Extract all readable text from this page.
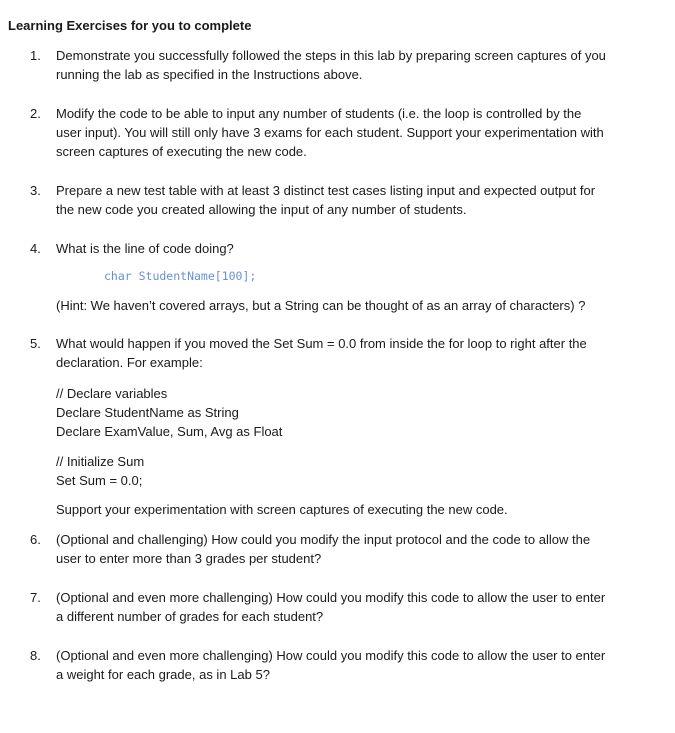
Learning Exercises for you to complete
1.	Demonstrate you successfully followed the steps in this lab by preparing screen captures of you
running the lab as specified in the Instructions above.
2.	Modify the code to be able to input any number of students (i.e. the loop is controlled by the
user input). You will still only have 3 exams for each student. Support your experimentation with
screen captures of executing the new code.
3.	Prepare a new test table with at least 3 distinct test cases listing input and expected output for
the new code you created allowing the input of any number of students.
4.	What is the line of code doing?
char StudentName[100];
(Hint: We haven’t covered arrays, but a String can be thought of as an array of characters) ?
5.	What would happen if you moved the Set Sum = 0.0 from inside the for loop to right after the
declaration. For example:
// Declare variables
Declare StudentName as String
Declare ExamValue, Sum, Avg as Float
// Initialize Sum
Set Sum = 0.0;
Support your experimentation with screen captures of executing the new code.
6.	(Optional and challenging) How could you modify the input protocol and the code to allow the
user to enter more than 3 grades per student?
7.	(Optional and even more challenging) How could you modify this code to allow the user to enter
a different number of grades for each student?
8.	(Optional and even more challenging) How could you modify this code to allow the user to enter
a weight for each grade, as in Lab 5?
